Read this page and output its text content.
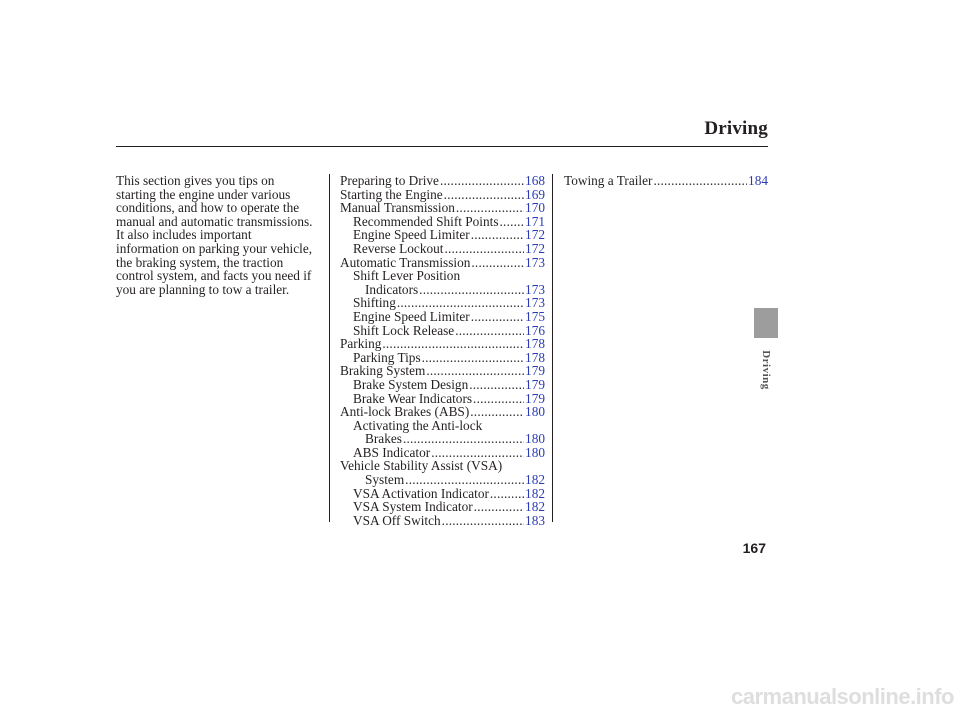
Driving
This section gives you tips on
starting the engine under various
conditions, and how to operate the
manual and automatic transmissions.
It also includes important
information on parking your vehicle,
the braking system, the traction
control system, and facts you need if
you are planning to tow a trailer.
Preparing to Drive .....	168
Starting the Engine .....	169
Manual Transmission .....	170
Recommended Shift Points ..... 171
Engine Speed Limiter .....	172
Reverse Lockout .....	172
Automatic Transmission .....	173
Shift Lever Position
Indicators .....	173
Shifting .....	173
Engine Speed Limiter .....	175
Shift Lock Release .....	176
Parking .....	178
Parking Tips .....	178
Braking System .....	179
Brake System Design .....	179
Brake Wear Indicators .....	179
Anti-lock Brakes (ABS) .....	180
Activating the Anti-lock
Brakes .....	180
ABS Indicator .....	180
Vehicle Stability Assist (VSA)
System .....	182
VSA Activation Indicator .....	182
VSA System Indicator .....	182
VSA Off Switch .....	183
Towing a Trailer .....	184
Driving
167
carmanualsonline.info
